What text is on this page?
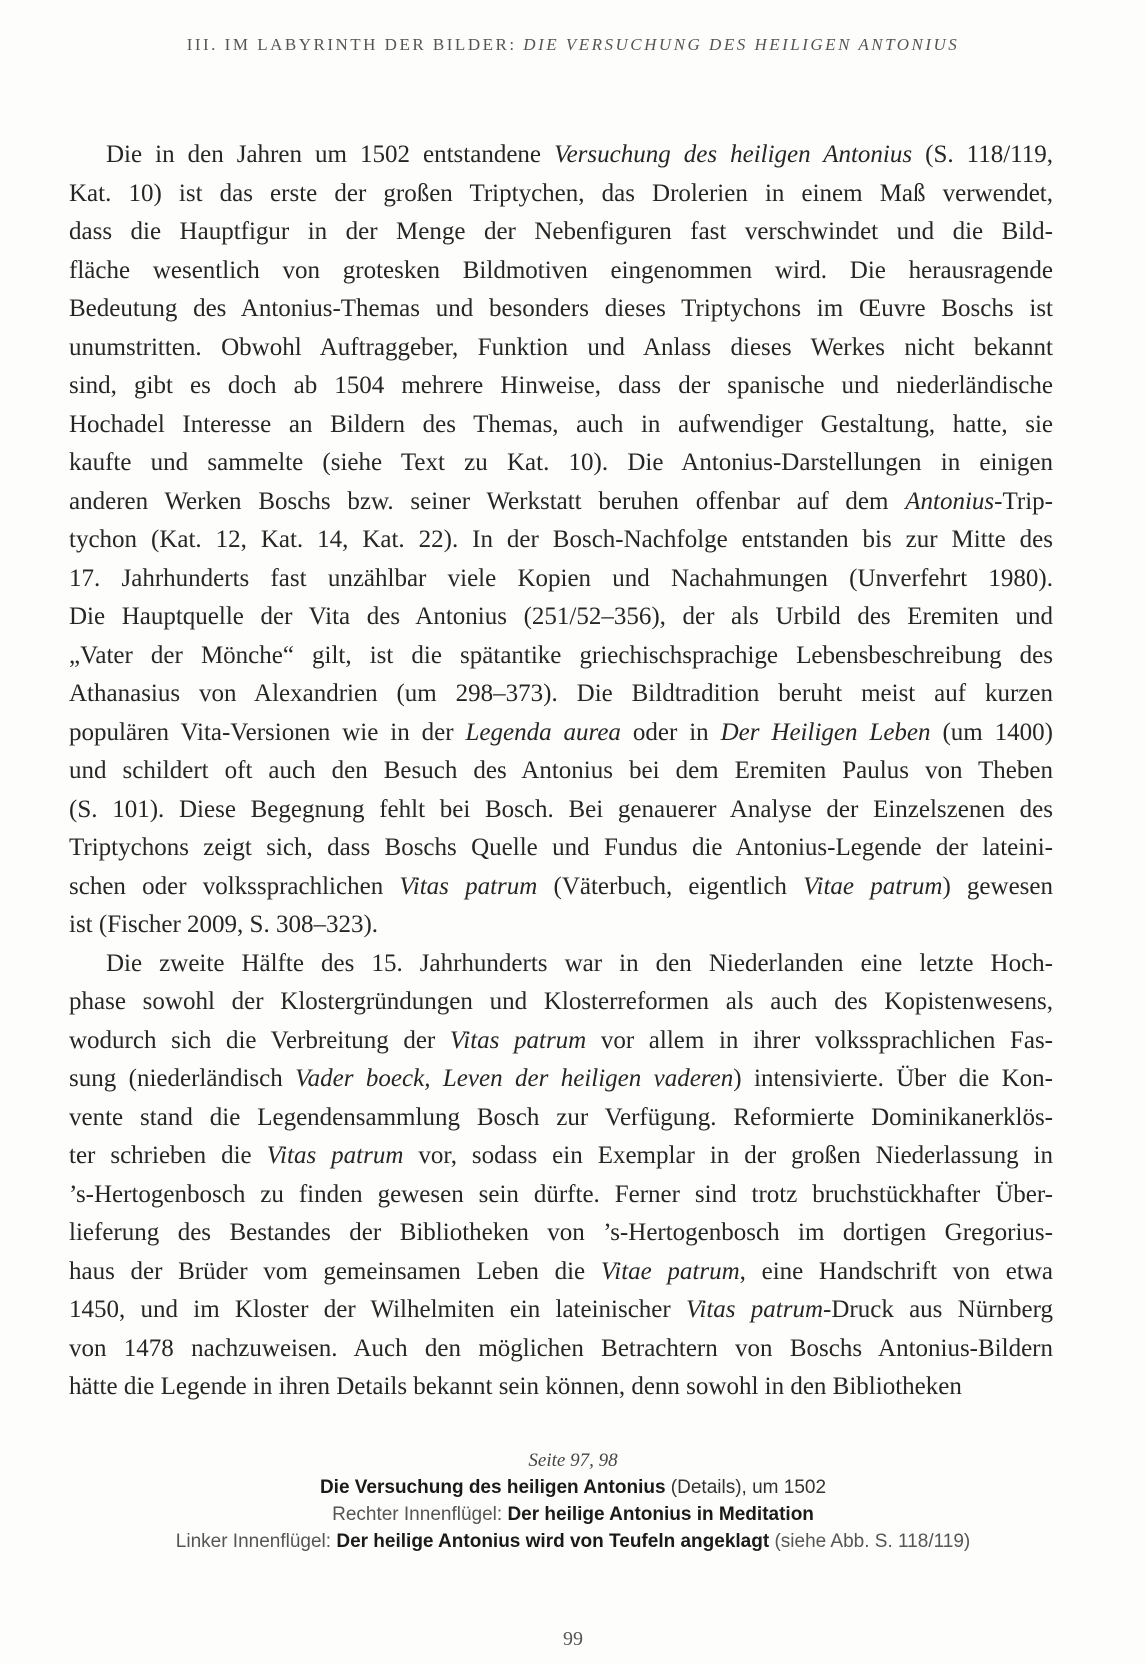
III. IM LABYRINTH DER BILDER: DIE VERSUCHUNG DES HEILIGEN ANTONIUS
Die in den Jahren um 1502 entstandene Versuchung des heiligen Antonius (S. 118/119,
Kat. 10) ist das erste der großen Triptychen, das Drolerien in einem Maß verwendet,
dass die Hauptfigur in der Menge der Nebenfiguren fast verschwindet und die Bild-
fläche wesentlich von grotesken Bildmotiven eingenommen wird. Die herausragende
Bedeutung des Antonius-Themas und besonders dieses Triptychons im Œuvre Boschs ist
unumstritten. Obwohl Auftraggeber, Funktion und Anlass dieses Werkes nicht bekannt
sind, gibt es doch ab 1504 mehrere Hinweise, dass der spanische und niederländische
Hochadel Interesse an Bildern des Themas, auch in aufwendiger Gestaltung, hatte, sie
kaufte und sammelte (siehe Text zu Kat. 10). Die Antonius-Darstellungen in einigen
anderen Werken Boschs bzw. seiner Werkstatt beruhen offenbar auf dem Antonius-Trip-
tychon (Kat. 12, Kat. 14, Kat. 22). In der Bosch-Nachfolge entstanden bis zur Mitte des
17. Jahrhunderts fast unzählbar viele Kopien und Nachahmungen (Unverfehrt 1980).
Die Hauptquelle der Vita des Antonius (251/52–356), der als Urbild des Eremiten und
„Vater der Mönche“ gilt, ist die spätantike griechischsprachige Lebensbeschreibung des
Athanasius von Alexandrien (um 298–373). Die Bildtradition beruht meist auf kurzen
populären Vita-Versionen wie in der Legenda aurea oder in Der Heiligen Leben (um 1400)
und schildert oft auch den Besuch des Antonius bei dem Eremiten Paulus von Theben
(S. 101). Diese Begegnung fehlt bei Bosch. Bei genauerer Analyse der Einzelszenen des
Triptychons zeigt sich, dass Boschs Quelle und Fundus die Antonius-Legende der lateini-
schen oder volkssprachlichen Vitas patrum (Väterbuch, eigentlich Vitae patrum) gewesen
ist (Fischer 2009, S. 308–323).
Die zweite Hälfte des 15. Jahrhunderts war in den Niederlanden eine letzte Hoch-
phase sowohl der Klostergründungen und Klosterreformen als auch des Kopistenwesens,
wodurch sich die Verbreitung der Vitas patrum vor allem in ihrer volkssprachlichen Fas-
sung (niederländisch Vader boeck, Leven der heiligen vaderen) intensivierte. Über die Kon-
vente stand die Legendensammlung Bosch zur Verfügung. Reformierte Dominikanerklös-
ter schrieben die Vitas patrum vor, sodass ein Exemplar in der großen Niederlassung in
’s-Hertogenbosch zu finden gewesen sein dürfte. Ferner sind trotz bruchstückhafter Über-
lieferung des Bestandes der Bibliotheken von ’s-Hertogenbosch im dortigen Gregorius-
haus der Brüder vom gemeinsamen Leben die Vitae patrum, eine Handschrift von etwa
1450, und im Kloster der Wilhelmiten ein lateinischer Vitas patrum-Druck aus Nürnberg
von 1478 nachzuweisen. Auch den möglichen Betrachtern von Boschs Antonius-Bildern
hätte die Legende in ihren Details bekannt sein können, denn sowohl in den Bibliotheken
Seite 97, 98
Die Versuchung des heiligen Antonius (Details), um 1502
Rechter Innenflügel: Der heilige Antonius in Meditation
Linker Innenflügel: Der heilige Antonius wird von Teufeln angeklagt (siehe Abb. S. 118/119)
99
